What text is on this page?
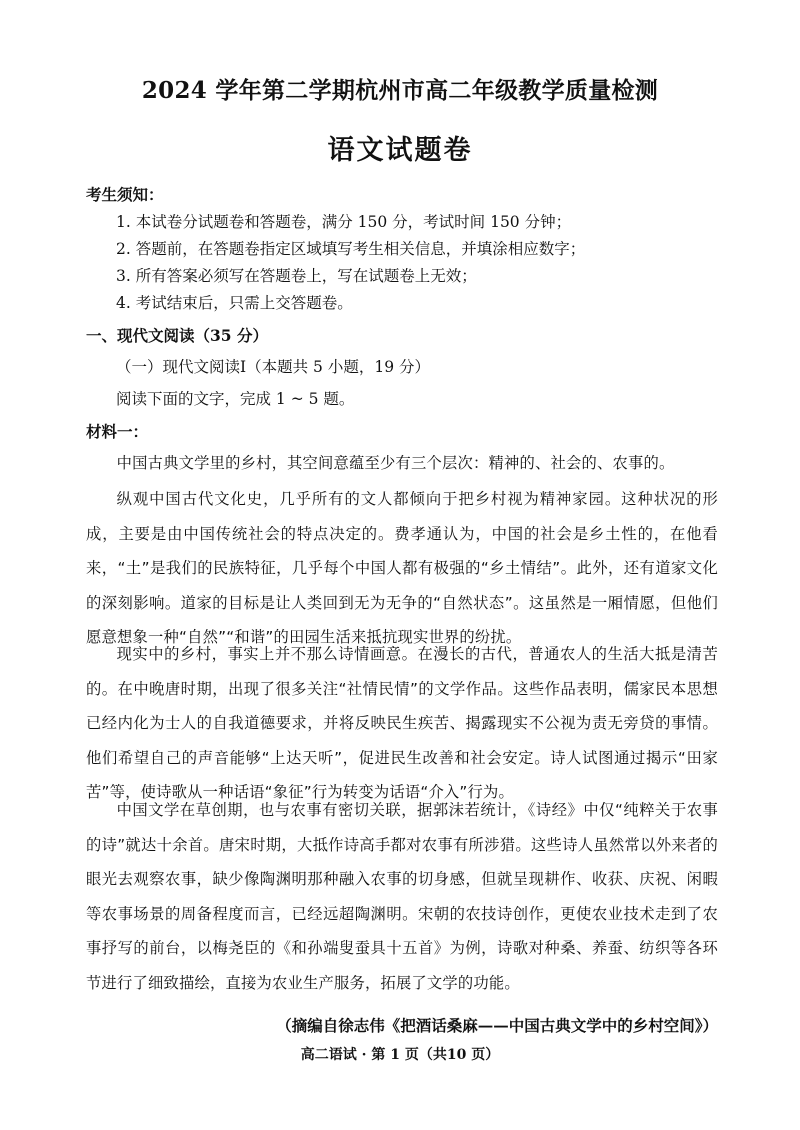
2024 学年第二学期杭州市高二年级教学质量检测
语文试题卷
考生须知：
1. 本试卷分试题卷和答题卷，满分 150 分，考试时间 150 分钟；
2. 答题前，在答题卷指定区域填写考生相关信息，并填涂相应数字；
3. 所有答案必须写在答题卷上，写在试题卷上无效；
4. 考试结束后，只需上交答题卷。
一、现代文阅读（35 分）
（一）现代文阅读Ⅰ（本题共 5 小题，19 分）
阅读下面的文字，完成 1 ~ 5 题。
材料一：
中国古典文学里的乡村，其空间意蕴至少有三个层次：精神的、社会的、农事的。
纵观中国古代文化史，几乎所有的文人都倾向于把乡村视为精神家园。这种状况的形成，主要是由中国传统社会的特点决定的。费孝通认为，中国的社会是乡土性的，在他看来，“土”是我们的民族特征，几乎每个中国人都有极强的“乡土情结”。此外，还有道家文化的深刻影响。道家的目标是让人类回到无为无争的“自然状态”。这虽然是一厢情愿，但他们愿意想象一种“自然”“和谐”的田园生活来抵抗现实世界的纷扰。
现实中的乡村，事实上并不那么诗情画意。在漫长的古代，普通农人的生活大抵是清苦的。在中晚唐时期，出现了很多关注“社情民情”的文学作品。这些作品表明，儒家民本思想已经内化为士人的自我道德要求，并将反映民生疾苦、揭露现实不公视为责无旁贷的事情。他们希望自己的声音能够“上达天听”，促进民生改善和社会安定。诗人试图通过揭示“田家苦”等，使诗歌从一种话语“象征”行为转变为话语“介入”行为。
中国文学在草创期，也与农事有密切关联，据郭沫若统计，《诗经》中仅“纯粹关于农事的诗”就达十余首。唐宋时期，大抵作诗高手都对农事有所涉猎。这些诗人虽然常以外来者的眼光去观察农事，缺少像陶渊明那种融入农事的切身感，但就呈现耕作、收获、庆祝、闲暇等农事场景的周备程度而言，已经远超陶渊明。宋朝的农技诗创作，更使农业技术走到了农事抒写的前台，以梅尧臣的《和孙端叟蚕具十五首》为例，诗歌对种桑、养蚕、纺织等各环节进行了细致描绘，直接为农业生产服务，拓展了文学的功能。
（摘编自徐志伟《把酒话桑麻——中国古典文学中的乡村空间》）
高二语试 · 第 1 页（共10 页）
